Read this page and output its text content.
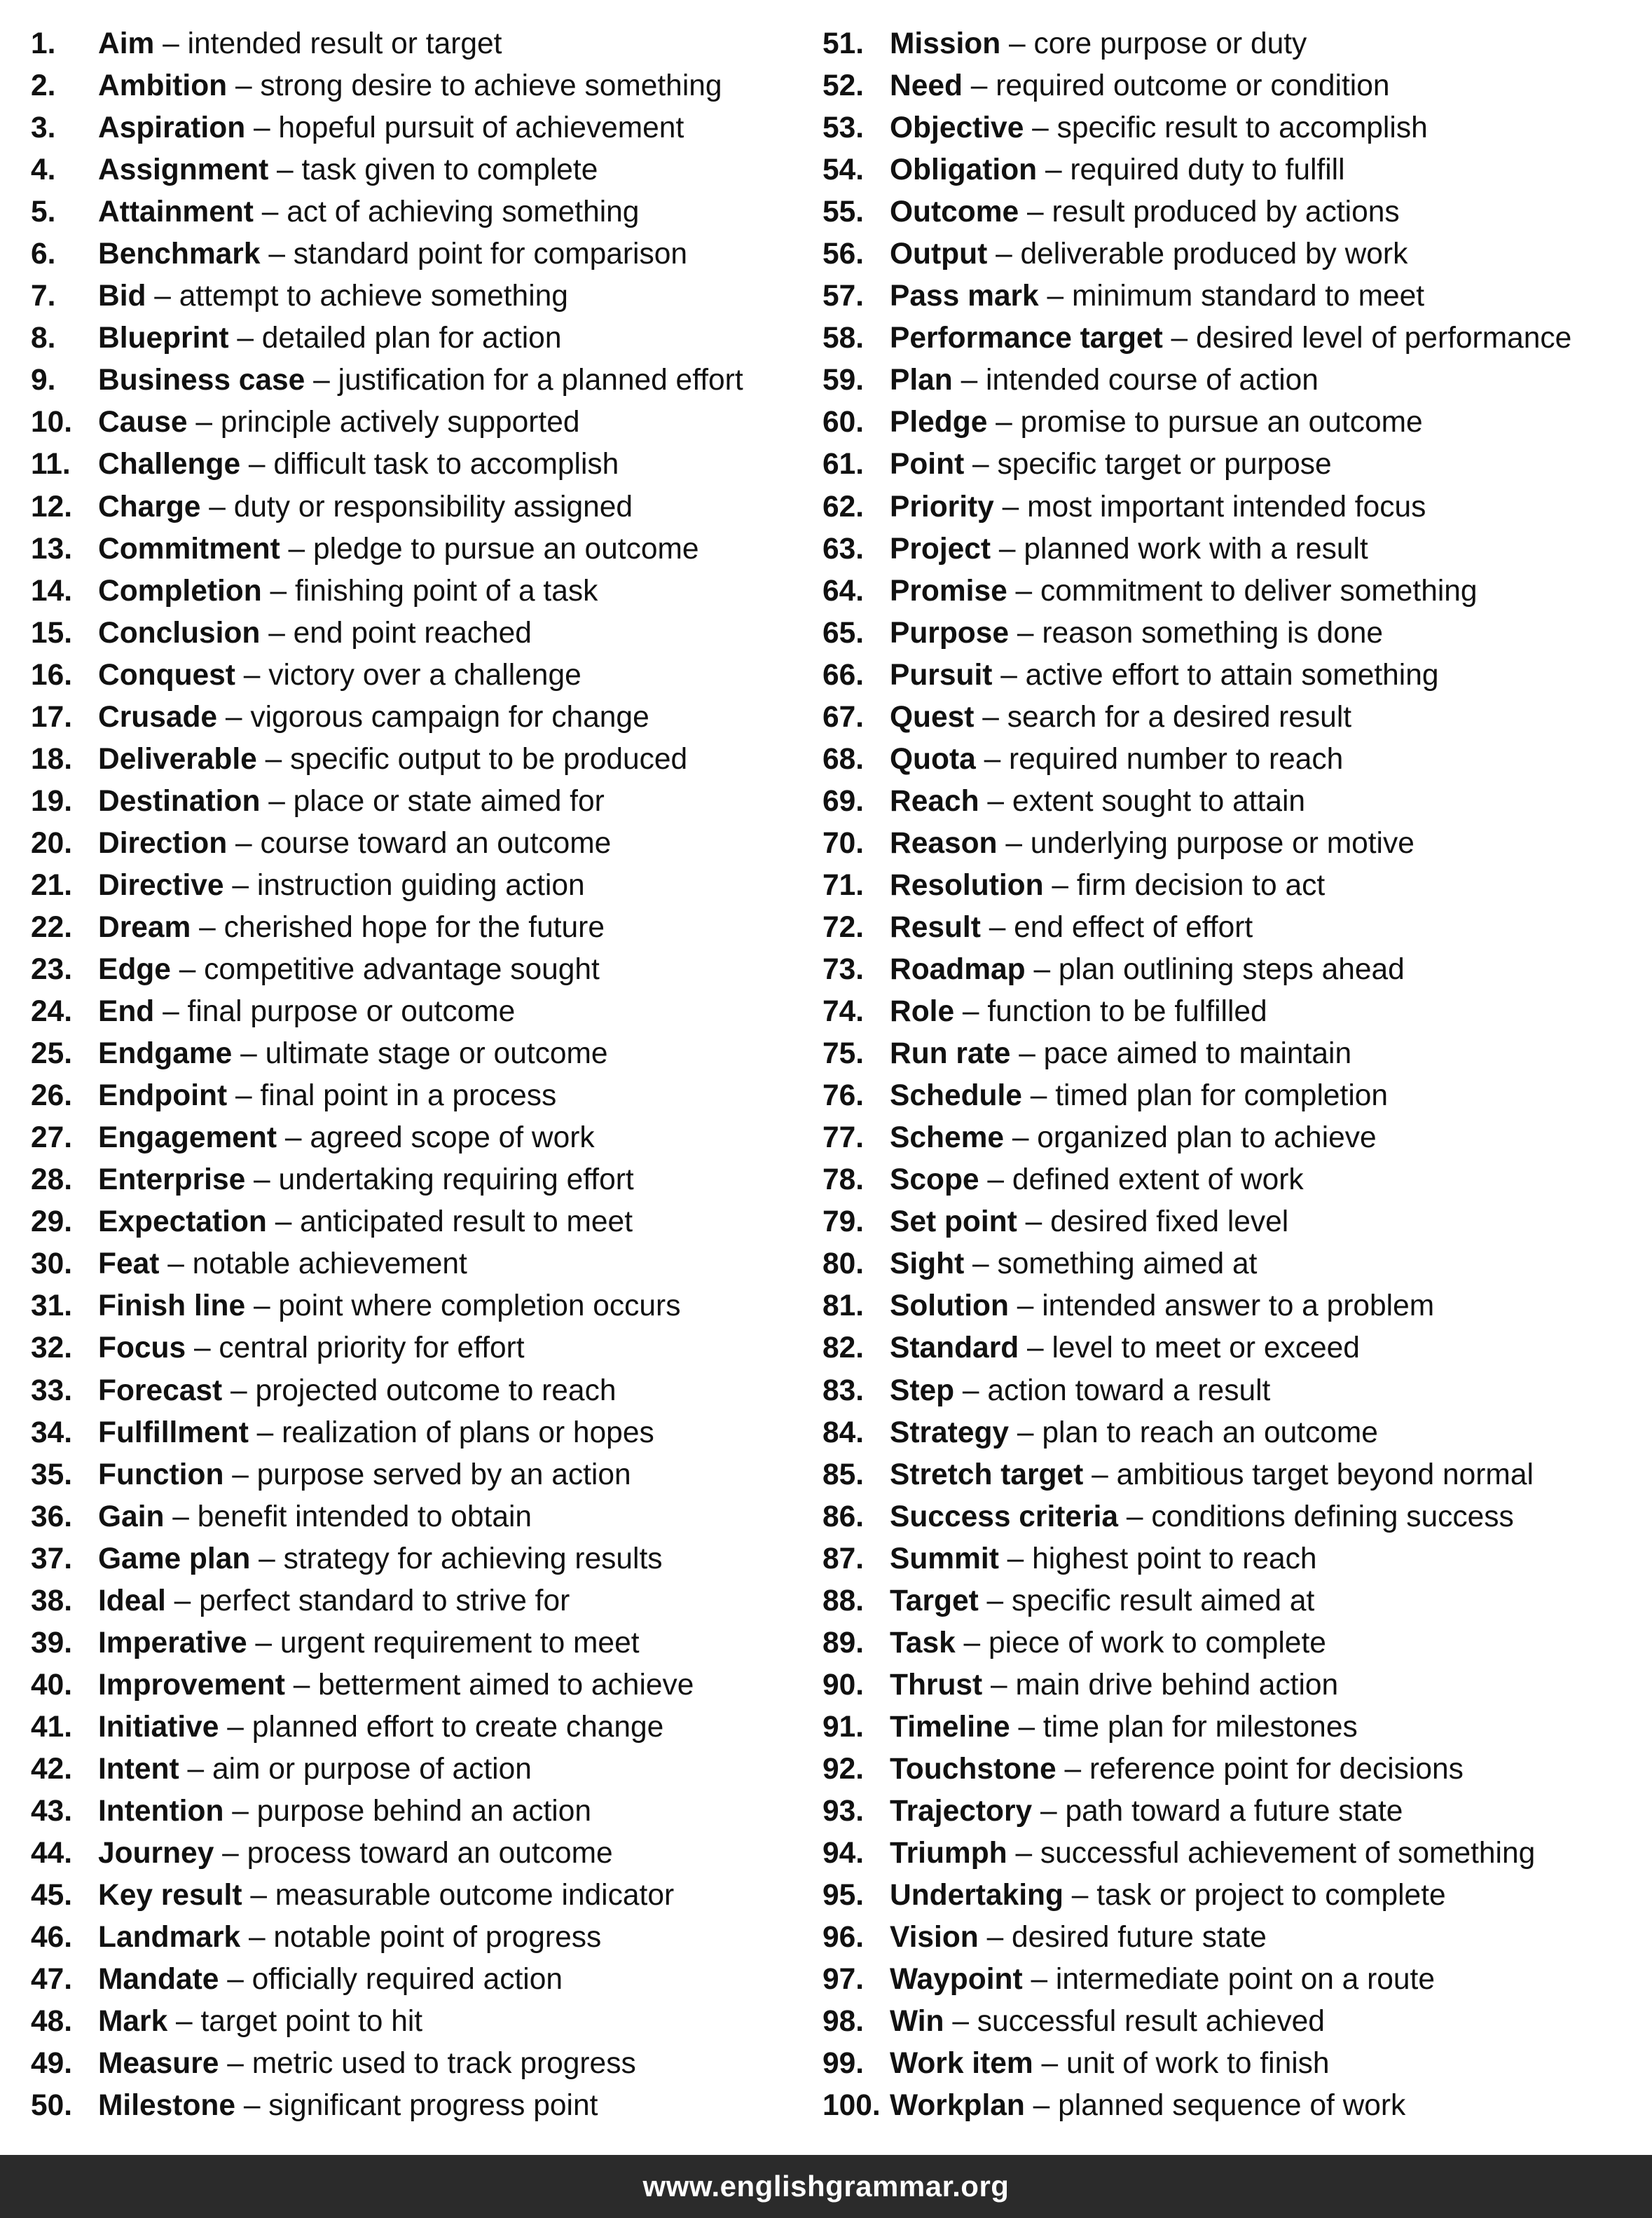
1. Aim – intended result or target
2. Ambition – strong desire to achieve something
3. Aspiration – hopeful pursuit of achievement
4. Assignment – task given to complete
5. Attainment – act of achieving something
6. Benchmark – standard point for comparison
7. Bid – attempt to achieve something
8. Blueprint – detailed plan for action
9. Business case – justification for a planned effort
10. Cause – principle actively supported
11. Challenge – difficult task to accomplish
12. Charge – duty or responsibility assigned
13. Commitment – pledge to pursue an outcome
14. Completion – finishing point of a task
15. Conclusion – end point reached
16. Conquest – victory over a challenge
17. Crusade – vigorous campaign for change
18. Deliverable – specific output to be produced
19. Destination – place or state aimed for
20. Direction – course toward an outcome
21. Directive – instruction guiding action
22. Dream – cherished hope for the future
23. Edge – competitive advantage sought
24. End – final purpose or outcome
25. Endgame – ultimate stage or outcome
26. Endpoint – final point in a process
27. Engagement – agreed scope of work
28. Enterprise – undertaking requiring effort
29. Expectation – anticipated result to meet
30. Feat – notable achievement
31. Finish line – point where completion occurs
32. Focus – central priority for effort
33. Forecast – projected outcome to reach
34. Fulfillment – realization of plans or hopes
35. Function – purpose served by an action
36. Gain – benefit intended to obtain
37. Game plan – strategy for achieving results
38. Ideal – perfect standard to strive for
39. Imperative – urgent requirement to meet
40. Improvement – betterment aimed to achieve
41. Initiative – planned effort to create change
42. Intent – aim or purpose of action
43. Intention – purpose behind an action
44. Journey – process toward an outcome
45. Key result – measurable outcome indicator
46. Landmark – notable point of progress
47. Mandate – officially required action
48. Mark – target point to hit
49. Measure – metric used to track progress
50. Milestone – significant progress point
51. Mission – core purpose or duty
52. Need – required outcome or condition
53. Objective – specific result to accomplish
54. Obligation – required duty to fulfill
55. Outcome – result produced by actions
56. Output – deliverable produced by work
57. Pass mark – minimum standard to meet
58. Performance target – desired level of performance
59. Plan – intended course of action
60. Pledge – promise to pursue an outcome
61. Point – specific target or purpose
62. Priority – most important intended focus
63. Project – planned work with a result
64. Promise – commitment to deliver something
65. Purpose – reason something is done
66. Pursuit – active effort to attain something
67. Quest – search for a desired result
68. Quota – required number to reach
69. Reach – extent sought to attain
70. Reason – underlying purpose or motive
71. Resolution – firm decision to act
72. Result – end effect of effort
73. Roadmap – plan outlining steps ahead
74. Role – function to be fulfilled
75. Run rate – pace aimed to maintain
76. Schedule – timed plan for completion
77. Scheme – organized plan to achieve
78. Scope – defined extent of work
79. Set point – desired fixed level
80. Sight – something aimed at
81. Solution – intended answer to a problem
82. Standard – level to meet or exceed
83. Step – action toward a result
84. Strategy – plan to reach an outcome
85. Stretch target – ambitious target beyond normal
86. Success criteria – conditions defining success
87. Summit – highest point to reach
88. Target – specific result aimed at
89. Task – piece of work to complete
90. Thrust – main drive behind action
91. Timeline – time plan for milestones
92. Touchstone – reference point for decisions
93. Trajectory – path toward a future state
94. Triumph – successful achievement of something
95. Undertaking – task or project to complete
96. Vision – desired future state
97. Waypoint – intermediate point on a route
98. Win – successful result achieved
99. Work item – unit of work to finish
100. Workplan – planned sequence of work
www.englishgrammar.org
